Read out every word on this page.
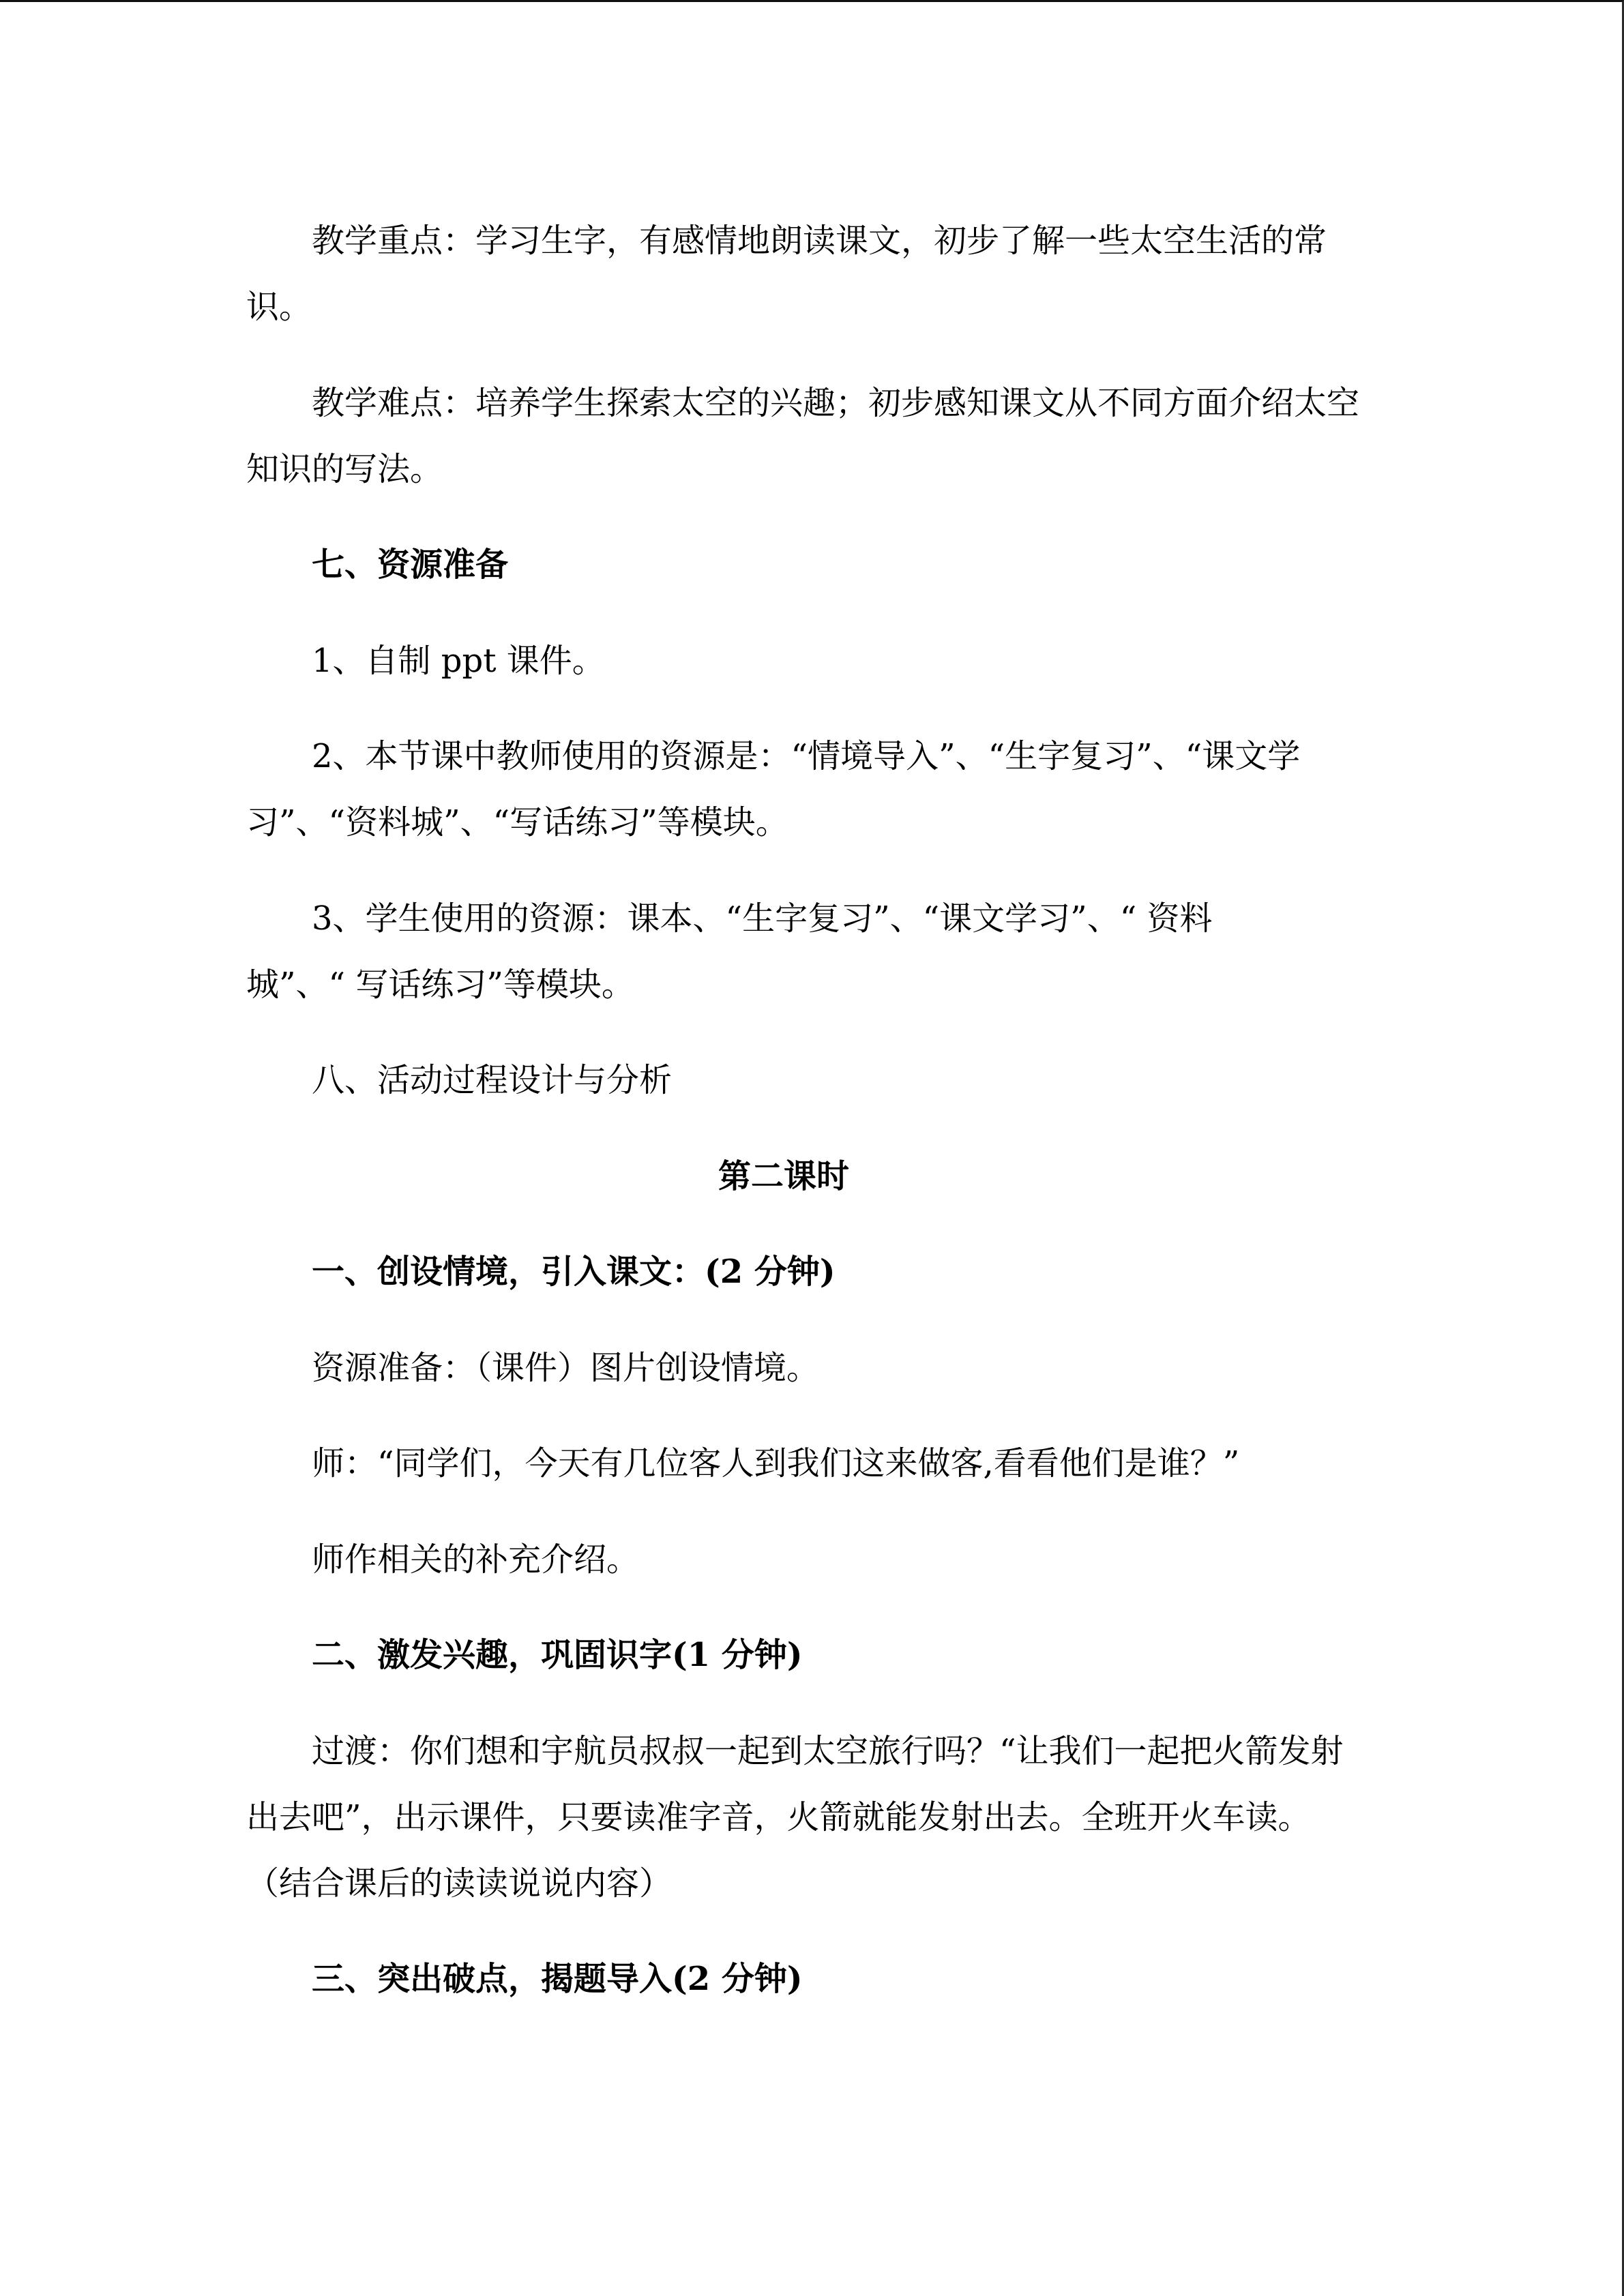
教学重点：学习生字，有感情地朗读课文，初步了解一些太空生活的常
识。

教学难点：培养学生探索太空的兴趣；初步感知课文从不同方面介绍太空
知识的写法。

七、资源准备

1、自制 ppt 课件。

2、本节课中教师使用的资源是：“情境导入”、“生字复习”、“课文学
习”、“资料城”、“写话练习”等模块。

3、学生使用的资源：课本、“生字复习”、“课文学习”、“ 资料
城”、“ 写话练习”等模块。

八、活动过程设计与分析

第二课时

一、创设情境，引入课文：(2 分钟)

资源准备：（课件）图片创设情境。

师：“同学们，今天有几位客人到我们这来做客,看看他们是谁？”

师作相关的补充介绍。

二、激发兴趣，巩固识字(1 分钟)

过渡：你们想和宇航员叔叔一起到太空旅行吗？“让我们一起把火箭发射
出去吧”，出示课件，只要读准字音，火箭就能发射出去。全班开火车读。
（结合课后的读读说说内容）

三、突出破点，揭题导入(2 分钟)
